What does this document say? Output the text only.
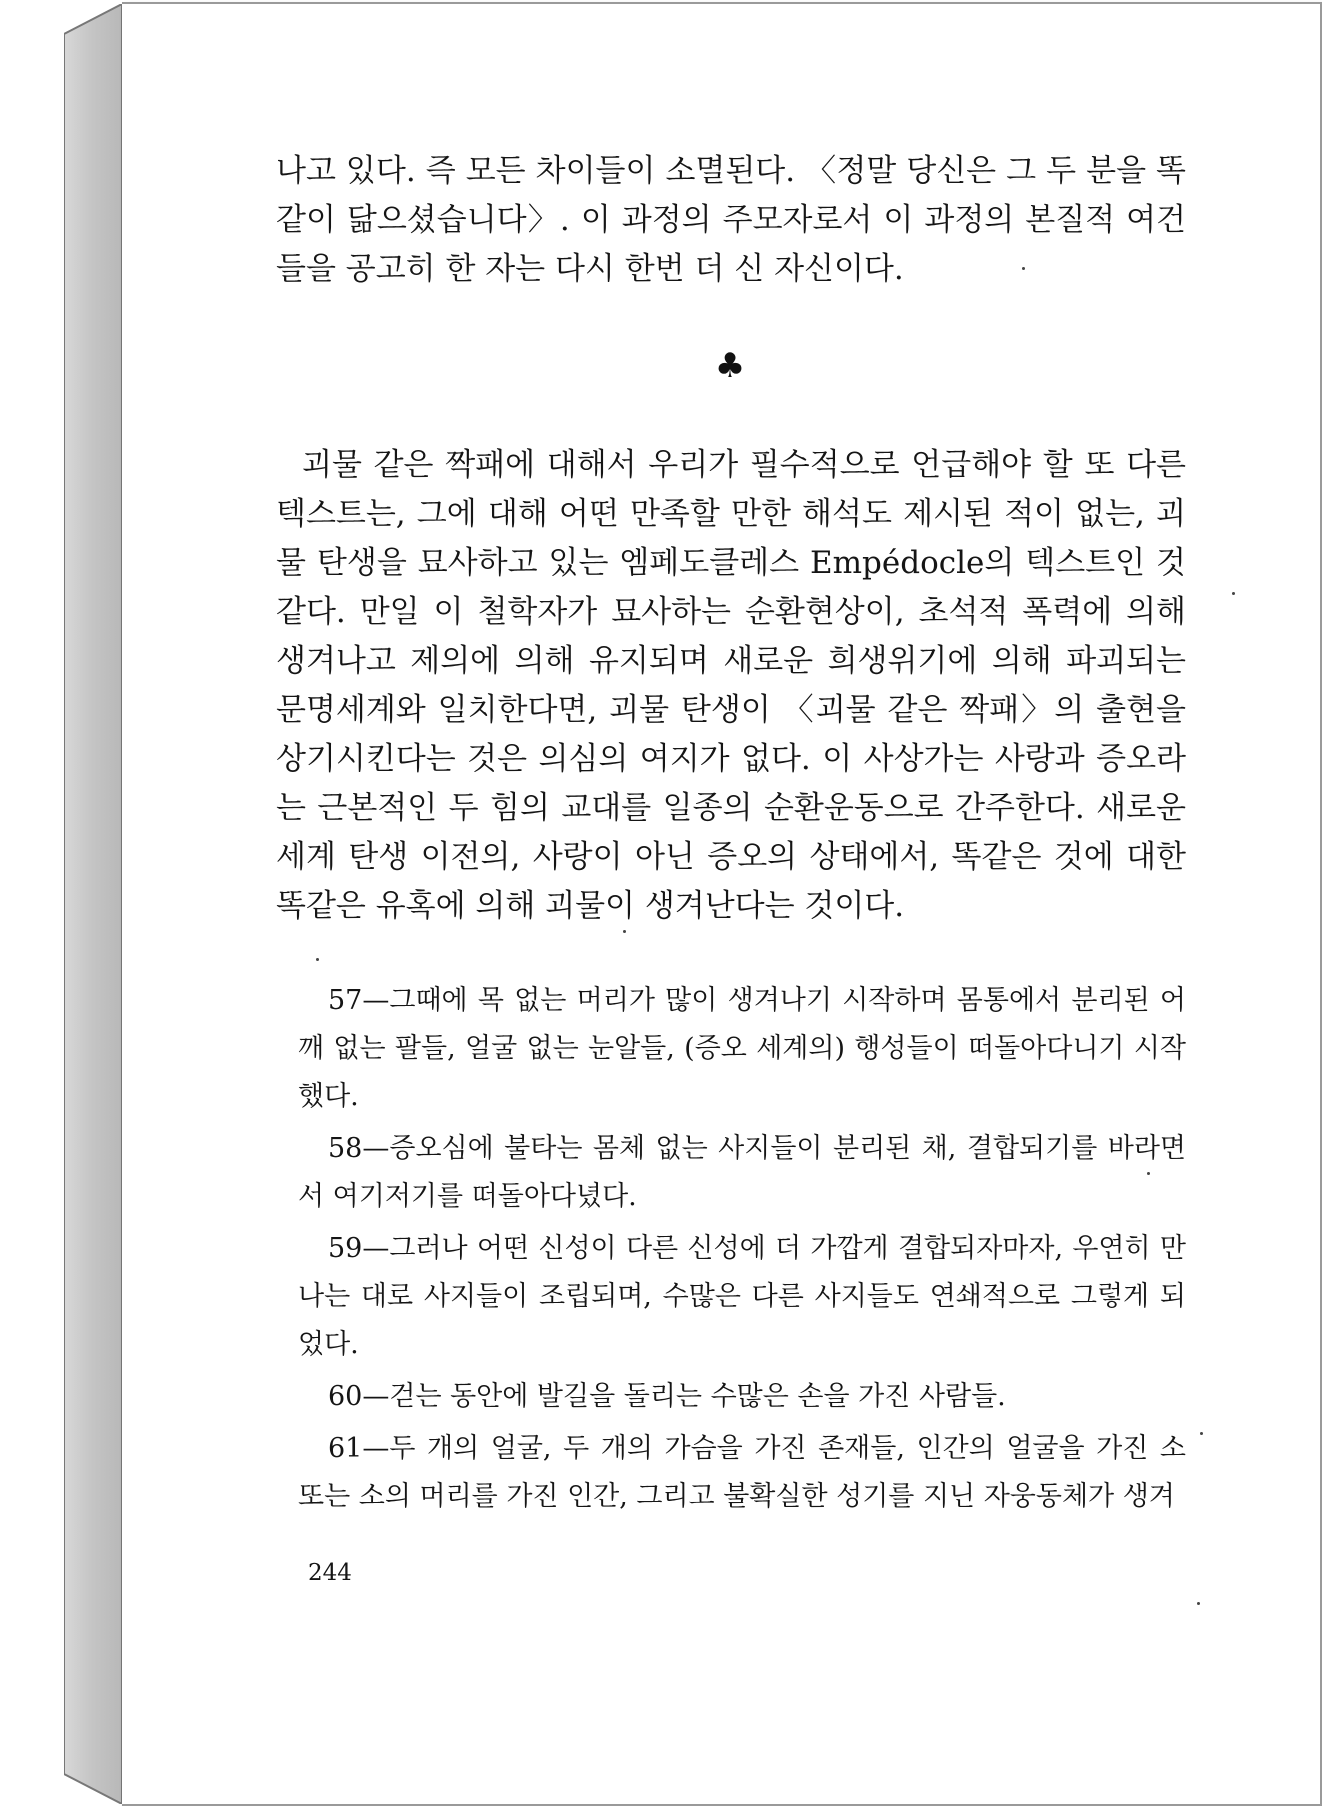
나고 있다. 즉 모든 차이들이 소멸된다. 〈정말 당신은 그 두 분을 똑같이 닮으셨습니다〉. 이 과정의 주모자로서 이 과정의 본질적 여건들을 공고히 한 자는 다시 한번 더 신 자신이다.

♣

괴물 같은 짝패에 대해서 우리가 필수적으로 언급해야 할 또 다른 텍스트는, 그에 대해 어떤 만족할 만한 해석도 제시된 적이 없는, 괴물 탄생을 묘사하고 있는 엠페도클레스 Empédocle의 텍스트인 것 같다. 만일 이 철학자가 묘사하는 순환현상이, 초석적 폭력에 의해 생겨나고 제의에 의해 유지되며 새로운 희생위기에 의해 파괴되는 문명세계와 일치한다면, 괴물 탄생이 〈괴물 같은 짝패〉의 출현을 상기시킨다는 것은 의심의 여지가 없다. 이 사상가는 사랑과 증오라는 근본적인 두 힘의 교대를 일종의 순환운동으로 간주한다. 새로운 세계 탄생 이전의, 사랑이 아닌 증오의 상태에서, 똑같은 것에 대한 똑같은 유혹에 의해 괴물이 생겨난다는 것이다.

57—그때에 목 없는 머리가 많이 생겨나기 시작하며 몸통에서 분리된 어깨 없는 팔들, 얼굴 없는 눈알들, (증오 세계의) 행성들이 떠돌아다니기 시작했다.

58—증오심에 불타는 몸체 없는 사지들이 분리된 채, 결합되기를 바라면서 여기저기를 떠돌아다녔다.

59—그러나 어떤 신성이 다른 신성에 더 가깝게 결합되자마자, 우연히 만나는 대로 사지들이 조립되며, 수많은 다른 사지들도 연쇄적으로 그렇게 되었다.

60—걷는 동안에 발길을 돌리는 수많은 손을 가진 사람들.

61—두 개의 얼굴, 두 개의 가슴을 가진 존재들, 인간의 얼굴을 가진 소 또는 소의 머리를 가진 인간, 그리고 불확실한 성기를 지닌 자웅동체가 생겨

244
